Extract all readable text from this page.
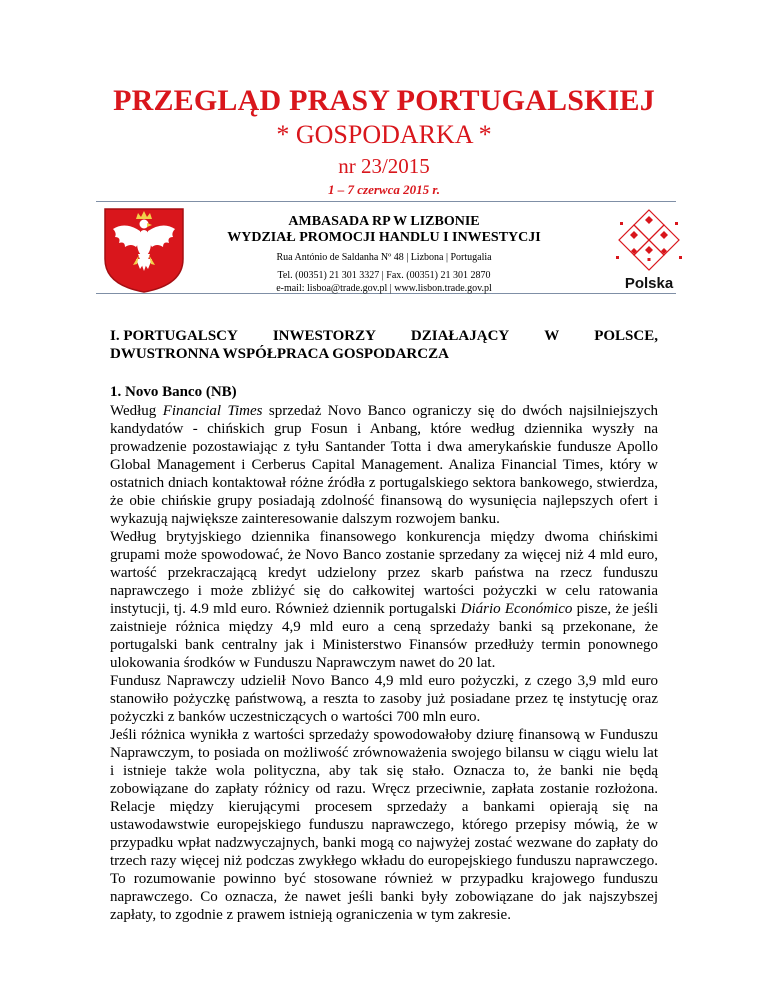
PRZEGLĄD PRASY PORTUGALSKIEJ
* GOSPODARKA *
nr 23/2015
1 – 7 czerwca 2015 r.
AMBASADA RP W LIZBONIE
WYDZIAŁ PROMOCJI HANDLU I INWESTYCJI
Rua António de Saldanha Nº 48 | Lizbona | Portugalia
Tel. (00351) 21 301 3327 | Fax. (00351) 21 301 2870
e-mail: lisboa@trade.gov.pl | www.lisbon.trade.gov.pl	Polska
I. PORTUGALSCY INWESTORZY DZIAŁAJĄCY W POLSCE,
DWUSTRONNA WSPÓŁPRACA GOSPODARCZA
1. Novo Banco (NB)

Według Financial Times sprzedaż Novo Banco ograniczy się do dwóch najsilniejszych kandydatów - chińskich grup Fosun i Anbang, które według dziennika wyszły na prowadzenie pozostawiając z tyłu Santander Totta i dwa amerykańskie fundusze Apollo Global Management i Cerberus Capital Management. Analiza Financial Times, który w ostatnich dniach kontaktował różne źródła z portugalskiego sektora bankowego, stwierdza, że obie chińskie grupy posiadają zdolność finansową do wysunięcia najlepszych ofert i wykazują największe zainteresowanie dalszym rozwojem banku.

Według brytyjskiego dziennika finansowego konkurencja między dwoma chińskimi grupami może spowodować, że Novo Banco zostanie sprzedany za więcej niż 4 mld euro, wartość przekraczającą kredyt udzielony przez skarb państwa na rzecz funduszu naprawczego i może zbliżyć się do całkowitej wartości pożyczki w celu ratowania instytucji, tj. 4.9 mld euro. Również dziennik portugalski Diário Económico pisze, że jeśli zaistnieje różnica między 4,9 mld euro a ceną sprzedaży banki są przekonane, że portugalski bank centralny jak i Ministerstwo Finansów przedłuży termin ponownego ulokowania środków w Funduszu Naprawczym nawet do 20 lat.

Fundusz Naprawczy udzielił Novo Banco 4,9 mld euro pożyczki, z czego 3,9 mld euro stanowiło pożyczkę państwową, a reszta to zasoby już posiadane przez tę instytucję oraz pożyczki z banków uczestniczących o wartości 700 mln euro.

Jeśli różnica wynikła z wartości sprzedaży spowodowałoby dziurę finansową w Funduszu Naprawczym, to posiada on możliwość zrównoważenia swojego bilansu w ciągu wielu lat i istnieje także wola polityczna, aby tak się stało. Oznacza to, że banki nie będą zobowiązane do zapłaty różnicy od razu. Wręcz przeciwnie, zapłata zostanie rozłożona. Relacje między kierującymi procesem sprzedaży a bankami opierają się na ustawodawstwie europejskiego funduszu naprawczego, którego przepisy mówią, że w przypadku wpłat nadzwyczajnych, banki mogą co najwyżej zostać wezwane do zapłaty do trzech razy więcej niż podczas zwykłego wkładu do europejskiego funduszu naprawczego. To rozumowanie powinno być stosowane również w przypadku krajowego funduszu naprawczego. Co oznacza, że nawet jeśli banki były zobowiązane do jak najszybszej zapłaty, to zgodnie z prawem istnieją ograniczenia w tym zakresie.
